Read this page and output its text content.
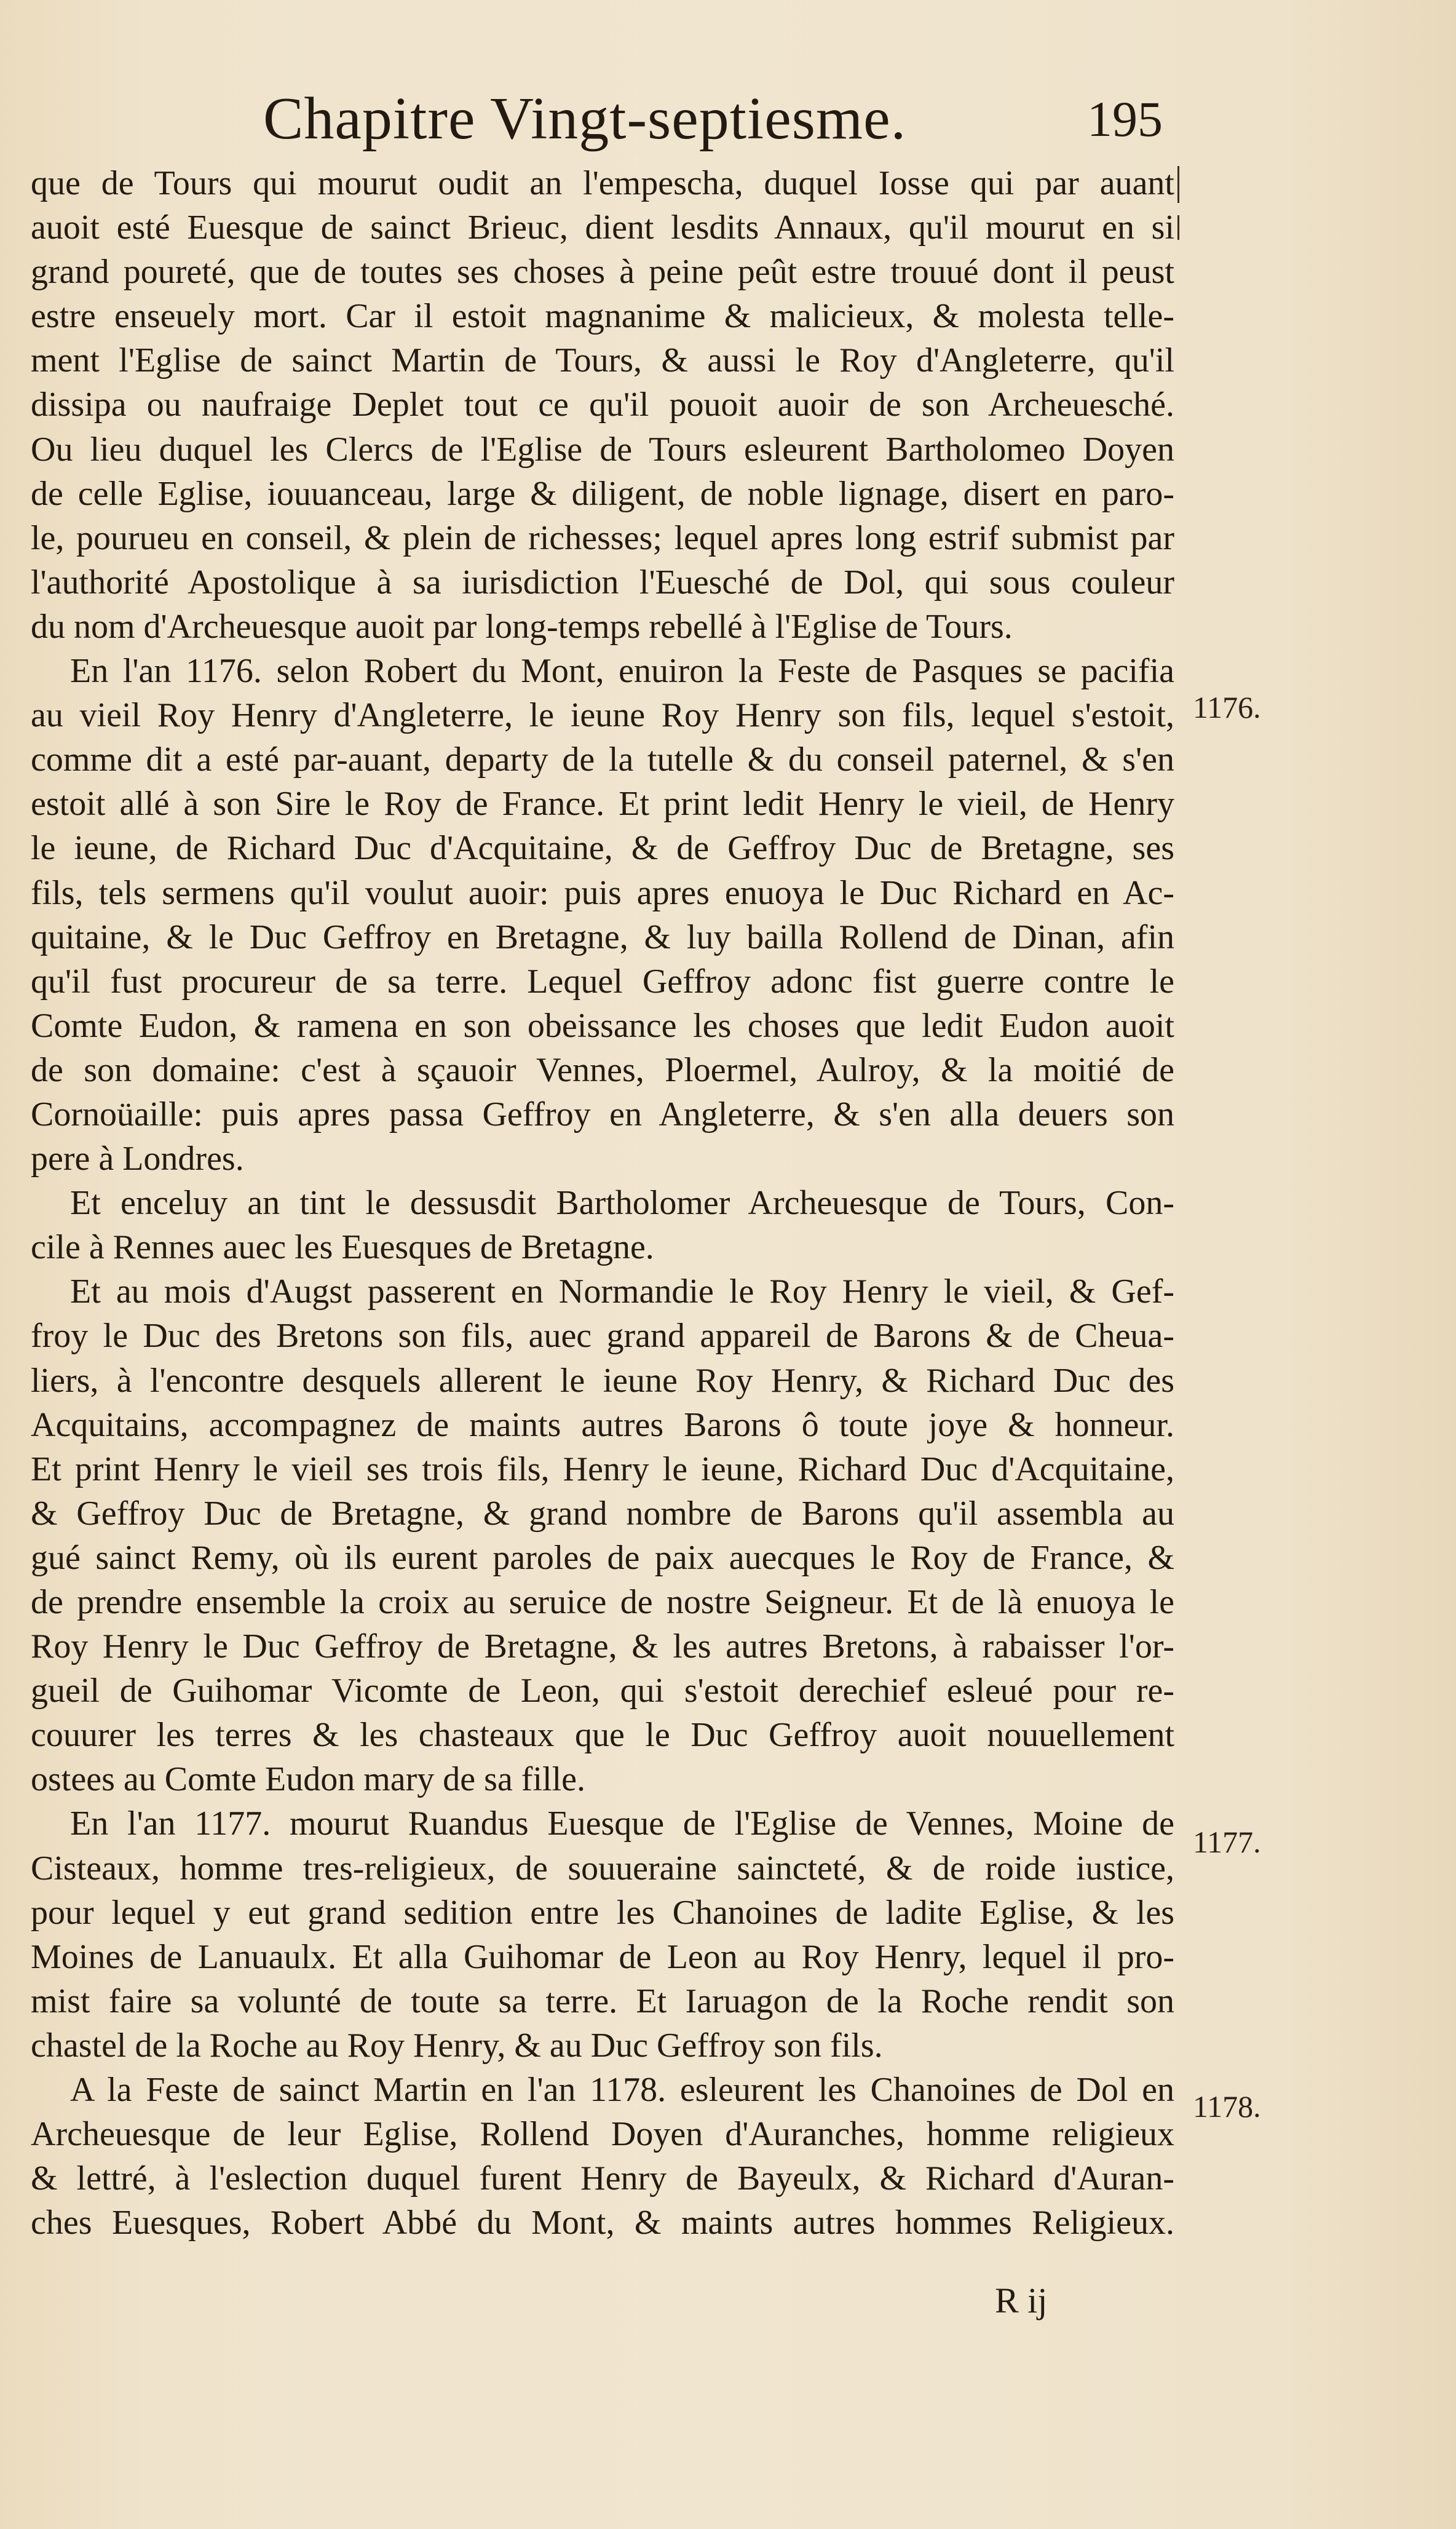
Chapitre Vingt-septiesme.	195
que de Tours qui mourut oudit an l'empescha, duquel Iosse qui par auant
auoit esté Euesque de sainct Brieuc, dient lesdits Annaux, qu'il mourut en si
grand poureté, que de toutes ses choses à peine peût estre trouué dont il peust
estre enseuely mort. Car il estoit magnanime & malicieux, & molesta telle-
ment l'Eglise de sainct Martin de Tours, & aussi le Roy d'Angleterre, qu'il
dissipa ou naufraige Deplet tout ce qu'il pouoit auoir de son Archeuesché.
Ou lieu duquel les Clercs de l'Eglise de Tours esleurent Bartholomeo Doyen
de celle Eglise, iouuanceau, large & diligent, de noble lignage, disert en paro-
le, pourueu en conseil, & plein de richesses; lequel apres long estrif submist par
l'authorité Apostolique à sa iurisdiction l'Euesché de Dol, qui sous couleur
du nom d'Archeuesque auoit par long-temps rebellé à l'Eglise de Tours.
En l'an 1176. selon Robert du Mont, enuiron la Feste de Pasques se pacifia
au vieil Roy Henry d'Angleterre, le ieune Roy Henry son fils, lequel s'estoit,
comme dit a esté par-auant, departy de la tutelle & du conseil paternel, & s'en
estoit allé à son Sire le Roy de France. Et print ledit Henry le vieil, de Henry
le ieune, de Richard Duc d'Acquitaine, & de Geffroy Duc de Bretagne, ses
fils, tels sermens qu'il voulut auoir: puis apres enuoya le Duc Richard en Ac-
quitaine, & le Duc Geffroy en Bretagne, & luy bailla Rollend de Dinan, afin
qu'il fust procureur de sa terre. Lequel Geffroy adonc fist guerre contre le
Comte Eudon, & ramena en son obeissance les choses que ledit Eudon auoit
de son domaine: c'est à sçauoir Vennes, Ploermel, Aulroy, & la moitié de
Cornoüaille: puis apres passa Geffroy en Angleterre, & s'en alla deuers son
pere à Londres.
Et enceluy an tint le dessusdit Bartholomer Archeuesque de Tours, Con-
cile à Rennes auec les Euesques de Bretagne.
Et au mois d'Augst passerent en Normandie le Roy Henry le vieil, & Gef-
froy le Duc des Bretons son fils, auec grand appareil de Barons & de Cheua-
liers, à l'encontre desquels allerent le ieune Roy Henry, & Richard Duc des
Acquitains, accompagnez de maints autres Barons ô toute joye & honneur.
Et print Henry le vieil ses trois fils, Henry le ieune, Richard Duc d'Acquitaine,
& Geffroy Duc de Bretagne, & grand nombre de Barons qu'il assembla au
gué sainct Remy, où ils eurent paroles de paix auecques le Roy de France, &
de prendre ensemble la croix au seruice de nostre Seigneur. Et de là enuoya le
Roy Henry le Duc Geffroy de Bretagne, & les autres Bretons, à rabaisser l'or-
gueil de Guihomar Vicomte de Leon, qui s'estoit derechief esleué pour re-
couurer les terres & les chasteaux que le Duc Geffroy auoit nouuellement
ostees au Comte Eudon mary de sa fille.
En l'an 1177. mourut Ruandus Euesque de l'Eglise de Vennes, Moine de
Cisteaux, homme tres-religieux, de souueraine sainctеté, & de roide iustice,
pour lequel y eut grand sedition entre les Chanoines de ladite Eglise, & les
Moines de Lanuaulx. Et alla Guihomar de Leon au Roy Henry, lequel il pro-
mist faire sa volunté de toute sa terre. Et Iaruagon de la Roche rendit son
chastel de la Roche au Roy Henry, & au Duc Geffroy son fils.
A la Feste de sainct Martin en l'an 1178. esleurent les Chanoines de Dol en
Archeuesque de leur Eglise, Rollend Doyen d'Auranches, homme religieux
& lettré, à l'eslection duquel furent Henry de Bayeulx, & Richard d'Auran-
ches Euesques, Robert Abbé du Mont, & maints autres hommes Religieux.
1176.
1177.
1178.
R ij
